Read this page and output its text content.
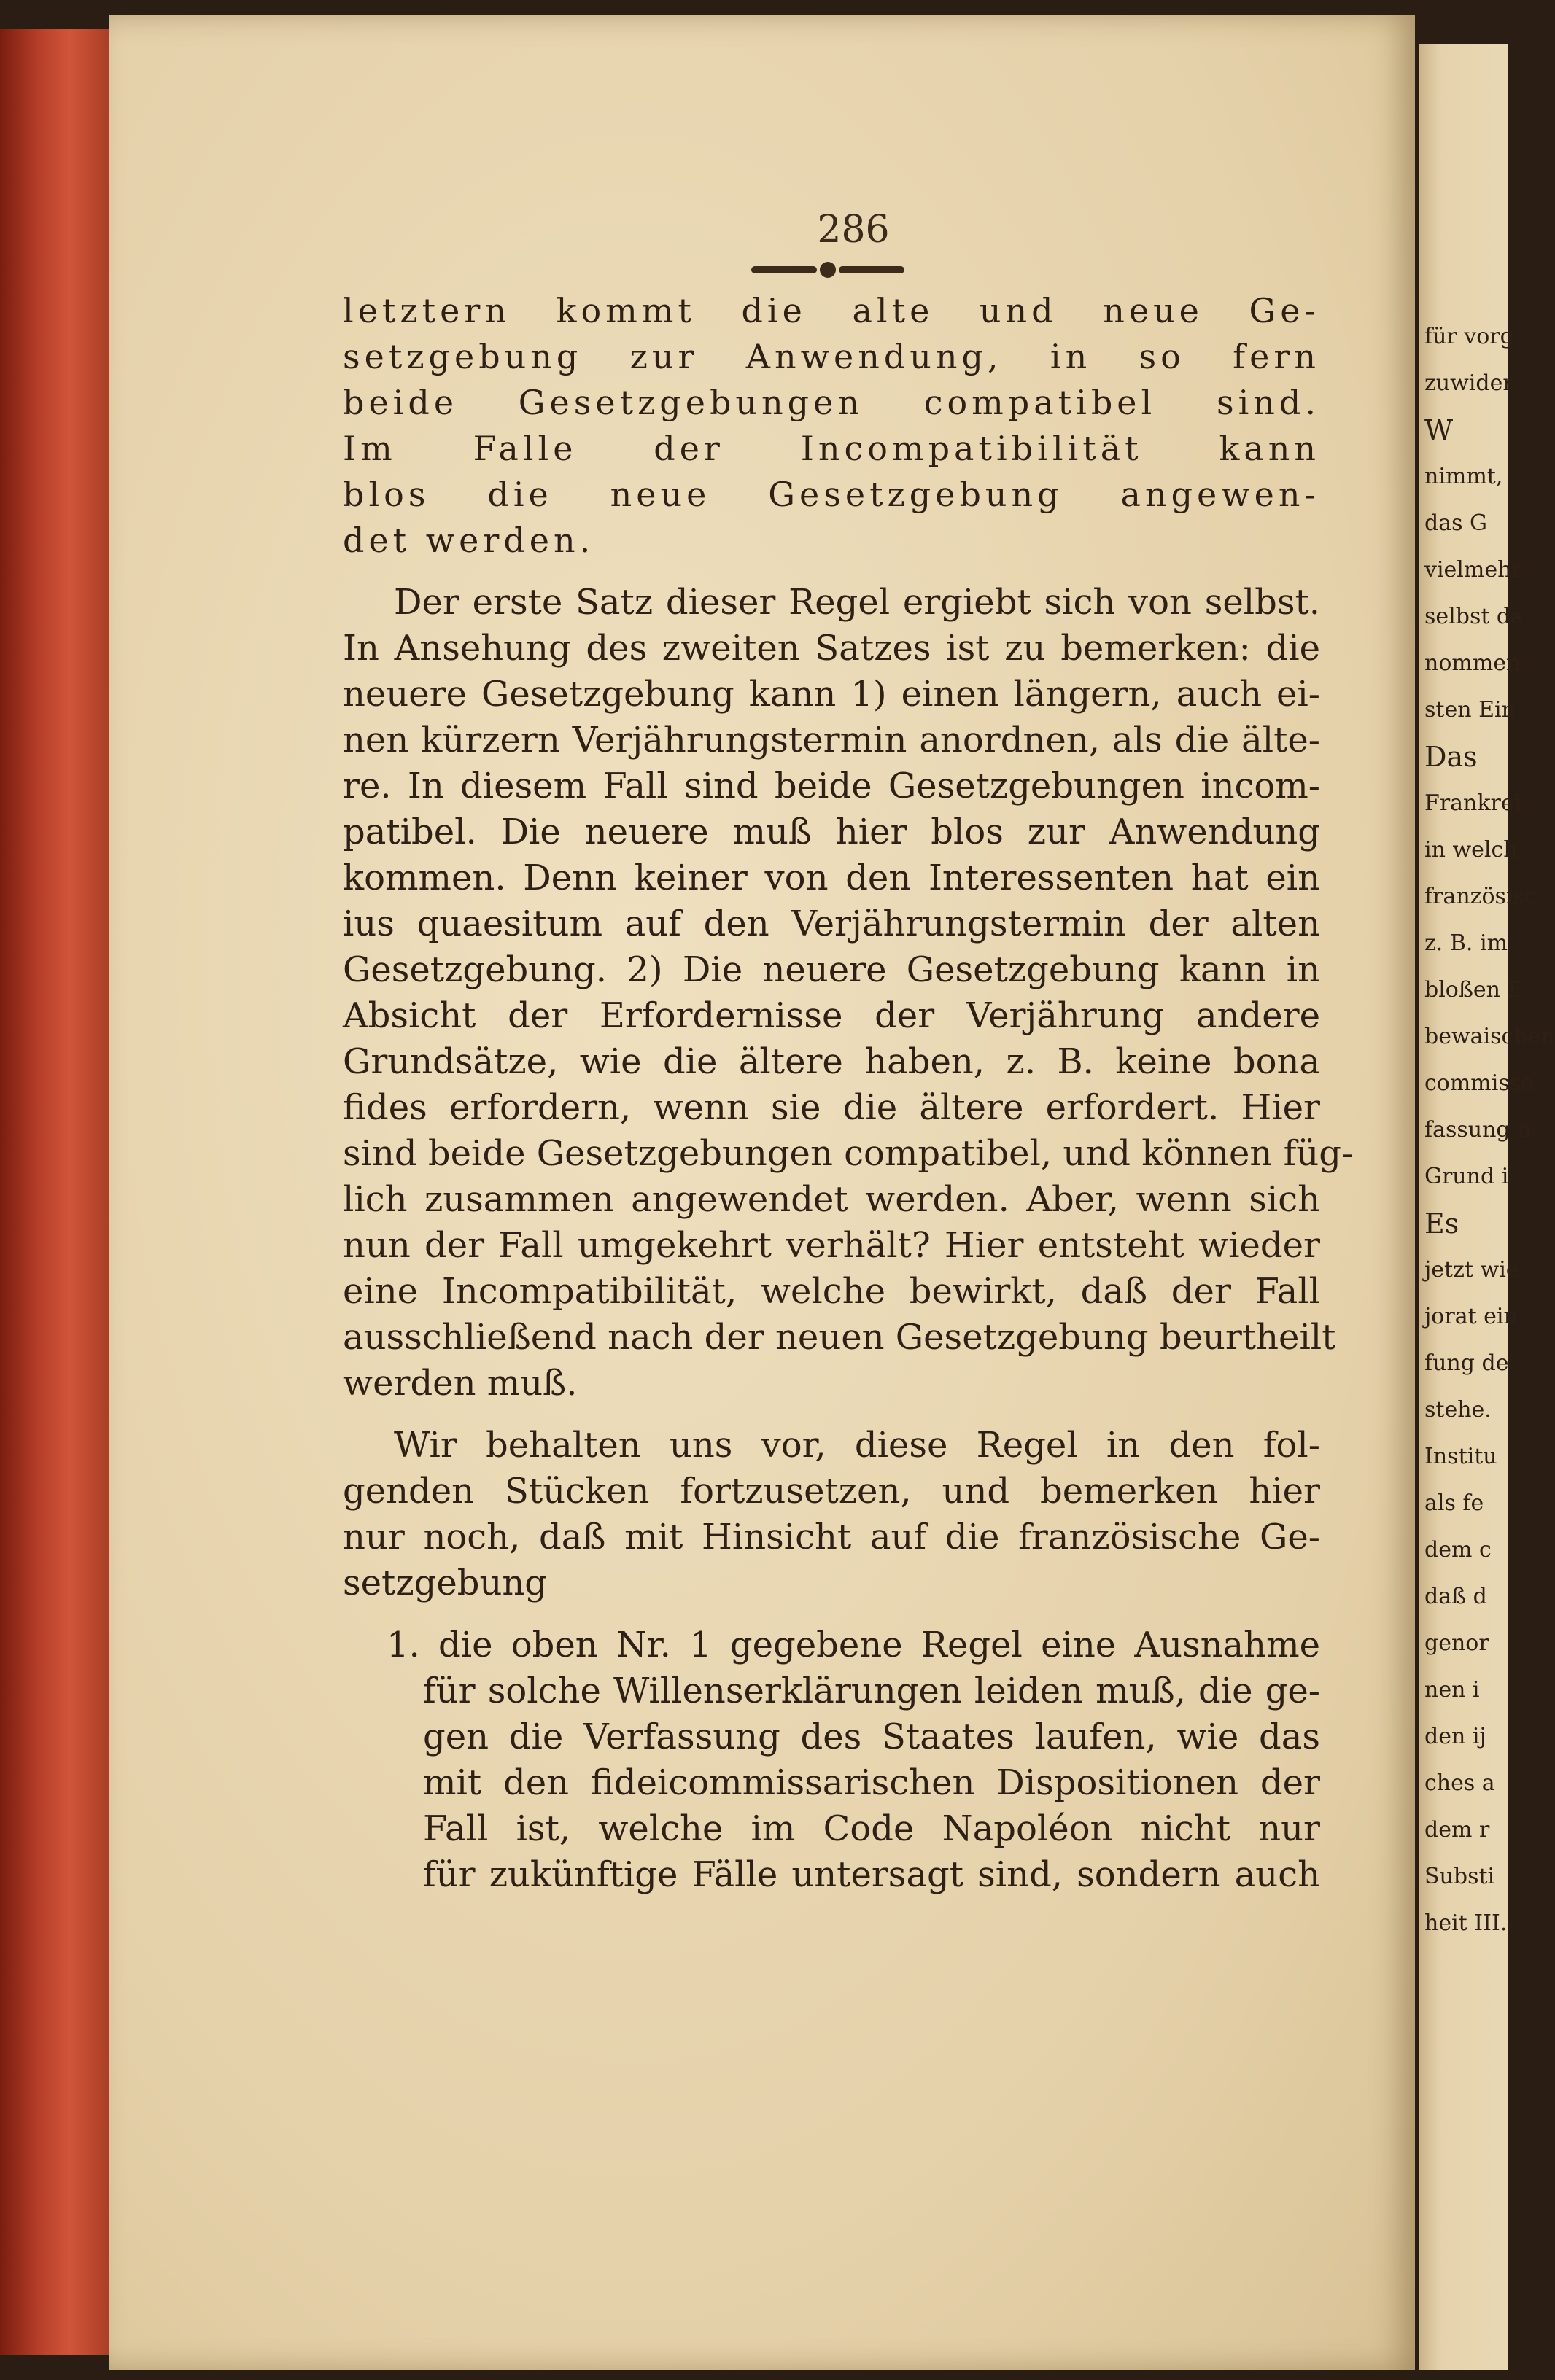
286
letztern kommt die alte und neue Ge-
setzgebung zur Anwendung, in so fern
beide Gesetzgebungen compatibel sind.
Im Falle der Incompatibilität kann
blos die neue Gesetzgebung angewen-
det werden.
Der erste Satz dieser Regel ergiebt sich von selbst.
In Ansehung des zweiten Satzes ist zu bemerken: die
neuere Gesetzgebung kann 1) einen längern, auch ei-
nen kürzern Verjährungstermin anordnen, als die älte-
re. In diesem Fall sind beide Gesetzgebungen incom-
patibel. Die neuere muß hier blos zur Anwendung
kommen. Denn keiner von den Interessenten hat ein
ius quaesitum auf den Verjährungstermin der alten
Gesetzgebung. 2) Die neuere Gesetzgebung kann in
Absicht der Erfordernisse der Verjährung andere
Grundsätze, wie die ältere haben, z. B. keine bona
fides erfordern, wenn sie die ältere erfordert. Hier
sind beide Gesetzgebungen compatibel, und können füg-
lich zusammen angewendet werden. Aber, wenn sich
nun der Fall umgekehrt verhält? Hier entsteht wieder
eine Incompatibilität, welche bewirkt, daß der Fall
ausschließend nach der neuen Gesetzgebung beurtheilt
werden muß.
Wir behalten uns vor, diese Regel in den fol-
genden Stücken fortzusetzen, und bemerken hier
nur noch, daß mit Hinsicht auf die französische Ge-
setzgebung
1. die oben Nr. 1 gegebene Regel eine Ausnahme
für solche Willenserklärungen leiden muß, die ge-
gen die Verfassung des Staates laufen, wie das
mit den fideicommissarischen Dispositionen der
Fall ist, welche im Code Napoléon nicht nur
für zukünftige Fälle untersagt sind, sondern auch
für vorg
zuwider
W
nimmt,
das G
vielmehr
selbst da
nommen
sten Ein
Das
Frankrei
in welch
französisc
z. B. im
bloßen E
bewaischen
commisse
fassung n
Grund i
Es
jetzt wie
jorat ein
fung de
stehe.
Institu
als fe
dem c
daß d
genor
nen i
den ij
ches a
dem r
Substi
heit III.
